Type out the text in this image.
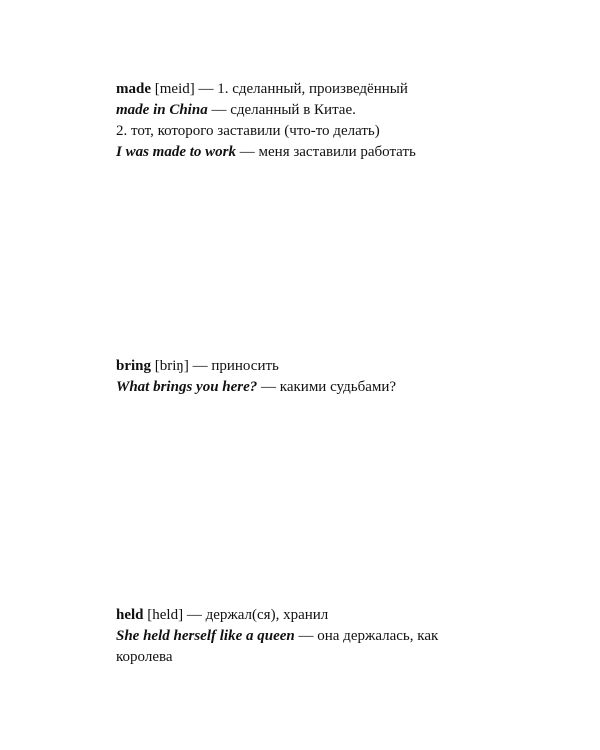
made [meid] — 1. сделанный, произведённый
made in China — сделанный в Китае.
2. тот, которого заставили (что-то делать)
I was made to work — меня заставили работать
bring [briŋ] — приносить
What brings you here? — какими судьбами?
held [held] — держал(ся), хранил
She held herself like a queen — она держалась, как королева
